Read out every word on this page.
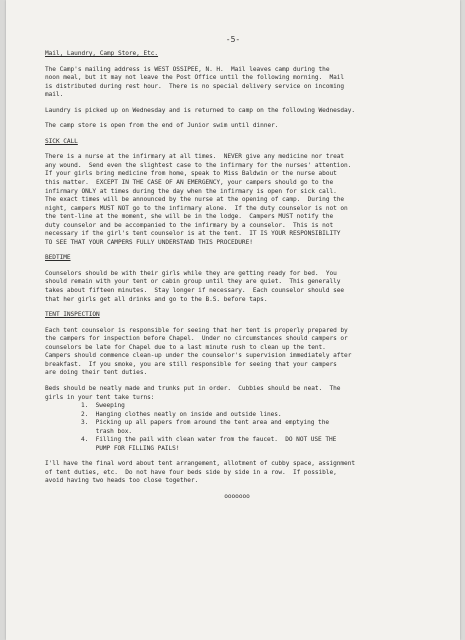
-5-
Mail, Laundry, Camp Store, Etc.
The Camp's mailing address is WEST OSSIPEE, N. H.  Mail leaves camp during the
noon meal, but it may not leave the Post Office until the following morning.  Mail
is distributed during rest hour.  There is no special delivery service on incoming
mail.
Laundry is picked up on Wednesday and is returned to camp on the following Wednesday.
The camp store is open from the end of Junior swim until dinner.
SICK CALL
There is a nurse at the infirmary at all times.  NEVER give any medicine nor treat
any wound.  Send even the slightest case to the infirmary for the nurses' attention.
If your girls bring medicine from home, speak to Miss Baldwin or the nurse about
this matter.  EXCEPT IN THE CASE OF AN EMERGENCY, your campers should go to the
infirmary ONLY at times during the day when the infirmary is open for sick call.
The exact times will be announced by the nurse at the opening of camp.  During the
night, campers MUST NOT go to the infirmary alone.  If the duty counselor is not on
the tent-line at the moment, she will be in the lodge.  Campers MUST notify the
duty counselor and be accompanied to the infirmary by a counselor.  This is not
necessary if the girl's tent counselor is at the tent.  IT IS YOUR RESPONSIBILITY
TO SEE THAT YOUR CAMPERS FULLY UNDERSTAND THIS PROCEDURE!
BEDTIME
Counselors should be with their girls while they are getting ready for bed.  You
should remain with your tent or cabin group until they are quiet.  This generally
takes about fifteen minutes.  Stay longer if necessary.  Each counselor should see
that her girls get all drinks and go to the B.S. before taps.
TENT INSPECTION
Each tent counselor is responsible for seeing that her tent is properly prepared by
the campers for inspection before Chapel.  Under no circumstances should campers or
counselors be late for Chapel due to a last minute rush to clean up the tent.
Campers should commence clean-up under the counselor's supervision immediately after
breakfast.  If you smoke, you are still responsible for seeing that your campers
are doing their tent duties.
Beds should be neatly made and trunks put in order.  Cubbies should be neat.  The
girls in your tent take turns:
1.  Sweeping
2.  Hanging clothes neatly on inside and outside lines.
3.  Picking up all papers from around the tent area and emptying the
trash box.
4.  Filling the pail with clean water from the faucet.  DO NOT USE THE
PUMP FOR FILLING PAILS!
I'll have the final word about tent arrangement, allotment of cubby space, assignment
of tent duties, etc.  Do not have four beds side by side in a row.  If possible,
avoid having two heads too close together.
ooooooo
